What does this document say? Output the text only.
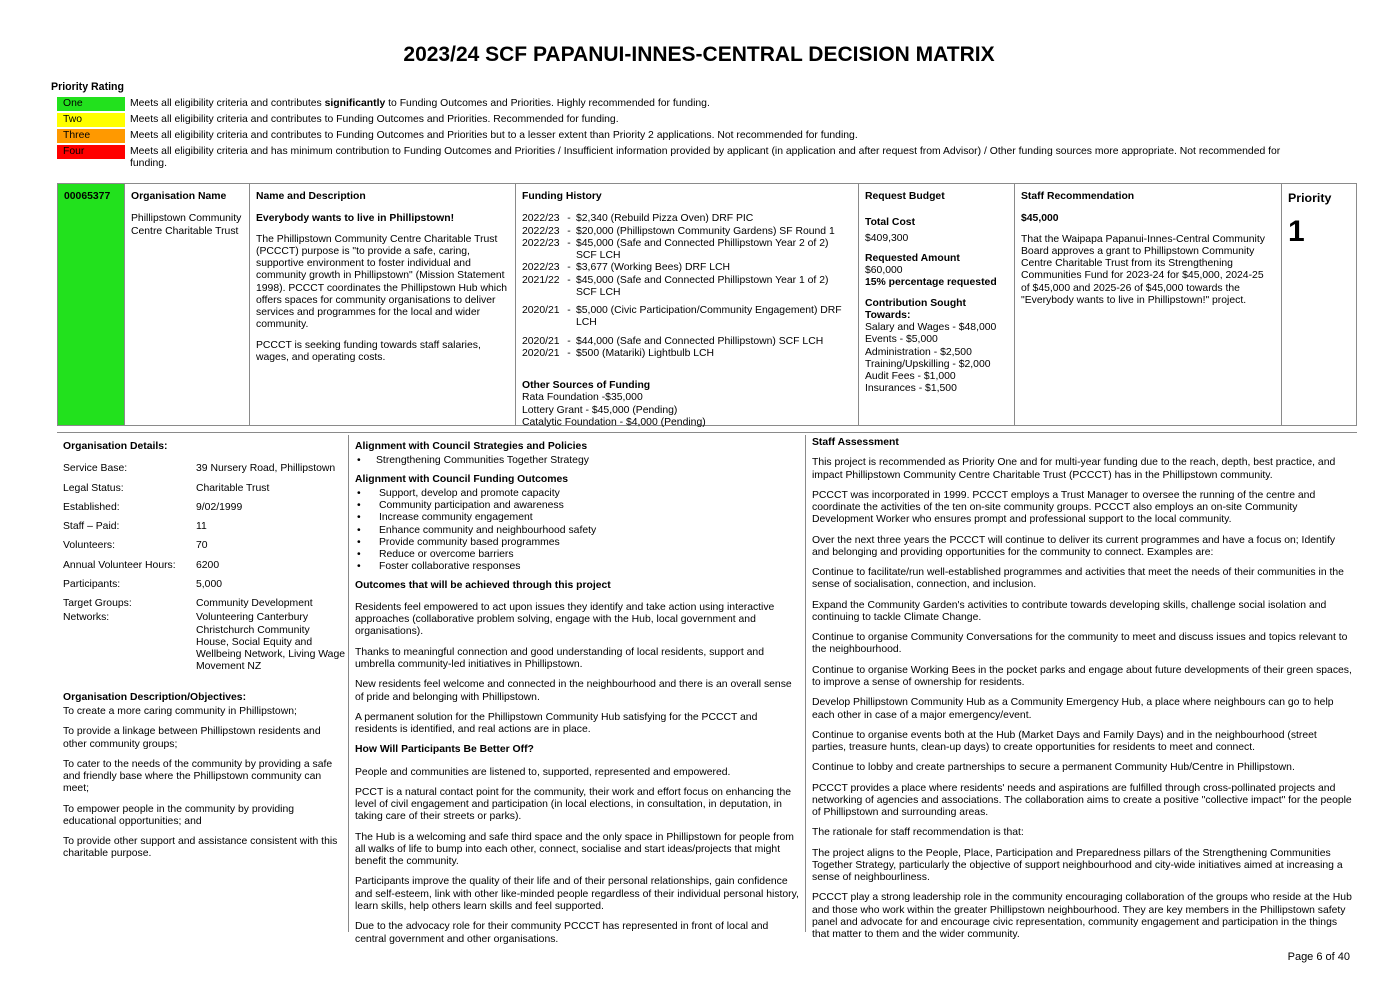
2023/24 SCF PAPANUI-INNES-CENTRAL DECISION MATRIX
Priority Rating
One	Meets all eligibility criteria and contributes significantly to Funding Outcomes and Priorities. Highly recommended for funding.
Two	Meets all eligibility criteria and contributes to Funding Outcomes and Priorities. Recommended for funding.
Three	Meets all eligibility criteria and contributes to Funding Outcomes and Priorities but to a lesser extent than Priority 2 applications. Not recommended for funding.
Four	Meets all eligibility criteria and has minimum contribution to Funding Outcomes and Priorities / Insufficient information provided by applicant (in application and after request from Advisor) / Other funding sources more appropriate. Not recommended for funding.
00065377	Organisation Name
Phillipstown Community Centre Charitable Trust
Name and Description
Everybody wants to live in Phillipstown!
The Phillipstown Community Centre Charitable Trust (PCCCT) purpose is "to provide a safe, caring, supportive environment to foster individual and community growth in Phillipstown" (Mission Statement 1998). PCCCT coordinates the Phillipstown Hub which offers spaces for community organisations to deliver services and programmes for the local and wider community.
PCCCT is seeking funding towards staff salaries, wages, and operating costs.
Funding History
2022/23 - $2,340 (Rebuild Pizza Oven) DRF PIC
2022/23 - $20,000 (Phillipstown Community Gardens) SF Round 1
2022/23 - $45,000 (Safe and Connected Phillipstown Year 2 of 2) SCF LCH
2022/23 - $3,677 (Working Bees) DRF LCH
2021/22 - $45,000 (Safe and Connected Phillipstown Year 1 of 2) SCF LCH
2020/21 - $5,000 (Civic Participation/Community Engagement) DRF LCH
2020/21 - $44,000 (Safe and Connected Phillipstown) SCF LCH
2020/21 - $500 (Matariki) Lightbulb LCH
Other Sources of Funding
Rata Foundation -$35,000
Lottery Grant - $45,000 (Pending)
Catalytic Foundation - $4,000 (Pending)
Request Budget
Total Cost
$409,300
Requested Amount
$60,000
15% percentage requested
Contribution Sought Towards:
Salary and Wages - $48,000
Events - $5,000
Administration - $2,500
Training/Upskilling - $2,000
Audit Fees - $1,000
Insurances - $1,500
Staff Recommendation
$45,000
That the Waipapa Papanui-Innes-Central Community Board approves a grant to Phillipstown Community Centre Charitable Trust from its Strengthening Communities Fund for 2023-24 for $45,000, 2024-25 of $45,000 and 2025-26 of $45,000 towards the "Everybody wants to live in Phillipstown!" project.
Priority
1
Organisation Details:
Service Base:	39 Nursery Road, Phillipstown
Legal Status:	Charitable Trust
Established:	9/02/1999
Staff – Paid:	11
Volunteers:	70
Annual Volunteer Hours:	6200
Participants:	5,000
Target Groups:	Community Development
Networks:	Volunteering Canterbury Christchurch Community House, Social Equity and Wellbeing Network, Living Wage Movement NZ
Organisation Description/Objectives:
To create a more caring community in Phillipstown;
To provide a linkage between Phillipstown residents and other community groups;
To cater to the needs of the community by providing a safe and friendly base where the Phillipstown community can meet;
To empower people in the community by providing educational opportunities; and
To provide other support and assistance consistent with this charitable purpose.
Alignment with Council Strategies and Policies
• Strengthening Communities Together Strategy
Alignment with Council Funding Outcomes
• Support, develop and promote capacity
• Community participation and awareness
• Increase community engagement
• Enhance community and neighbourhood safety
• Provide community based programmes
• Reduce or overcome barriers
• Foster collaborative responses
Outcomes that will be achieved through this project
Residents feel empowered to act upon issues they identify and take action using interactive approaches (collaborative problem solving, engage with the Hub, local government and organisations).
Thanks to meaningful connection and good understanding of local residents, support and umbrella community-led initiatives in Phillipstown.
New residents feel welcome and connected in the neighbourhood and there is an overall sense of pride and belonging with Phillipstown.
A permanent solution for the Phillipstown Community Hub satisfying for the PCCCT and residents is identified, and real actions are in place.
How Will Participants Be Better Off?
People and communities are listened to, supported, represented and empowered.
PCCT is a natural contact point for the community, their work and effort focus on enhancing the level of civil engagement and participation (in local elections, in consultation, in deputation, in taking care of their streets or parks).
The Hub is a welcoming and safe third space and the only space in Phillipstown for people from all walks of life to bump into each other, connect, socialise and start ideas/projects that might benefit the community.
Participants improve the quality of their life and of their personal relationships, gain confidence and self-esteem, link with other like-minded people regardless of their individual personal history, learn skills, help others learn skills and feel supported.
Due to the advocacy role for their community PCCCT has represented in front of local and central government and other organisations.
Staff Assessment
This project is recommended as Priority One and for multi-year funding due to the reach, depth, best practice, and impact Phillipstown Community Centre Charitable Trust (PCCCT) has in the Phillipstown community.
PCCCT was incorporated in 1999. PCCCT employs a Trust Manager to oversee the running of the centre and coordinate the activities of the ten on-site community groups. PCCCT also employs an on-site Community Development Worker who ensures prompt and professional support to the local community.
Over the next three years the PCCCT will continue to deliver its current programmes and have a focus on; Identify and belonging and providing opportunities for the community to connect. Examples are:
Continue to facilitate/run well-established programmes and activities that meet the needs of their communities in the sense of socialisation, connection, and inclusion.
Expand the Community Garden's activities to contribute towards developing skills, challenge social isolation and continuing to tackle Climate Change.
Continue to organise Community Conversations for the community to meet and discuss issues and topics relevant to the neighbourhood.
Continue to organise Working Bees in the pocket parks and engage about future developments of their green spaces, to improve a sense of ownership for residents.
Develop Phillipstown Community Hub as a Community Emergency Hub, a place where neighbours can go to help each other in case of a major emergency/event.
Continue to organise events both at the Hub (Market Days and Family Days) and in the neighbourhood (street parties, treasure hunts, clean-up days) to create opportunities for residents to meet and connect.
Continue to lobby and create partnerships to secure a permanent Community Hub/Centre in Phillipstown.
PCCCT provides a place where residents' needs and aspirations are fulfilled through cross-pollinated projects and networking of agencies and associations. The collaboration aims to create a positive "collective impact" for the people of Phillipstown and surrounding areas.
The rationale for staff recommendation is that:
The project aligns to the People, Place, Participation and Preparedness pillars of the Strengthening Communities Together Strategy, particularly the objective of support neighbourhood and city-wide initiatives aimed at increasing a sense of neighbourliness.
PCCCT play a strong leadership role in the community encouraging collaboration of the groups who reside at the Hub and those who work within the greater Phillipstown neighbourhood. They are key members in the Phillipstown safety panel and advocate for and encourage civic representation, community engagement and participation in the things that matter to them and the wider community.
Page 6 of 40
